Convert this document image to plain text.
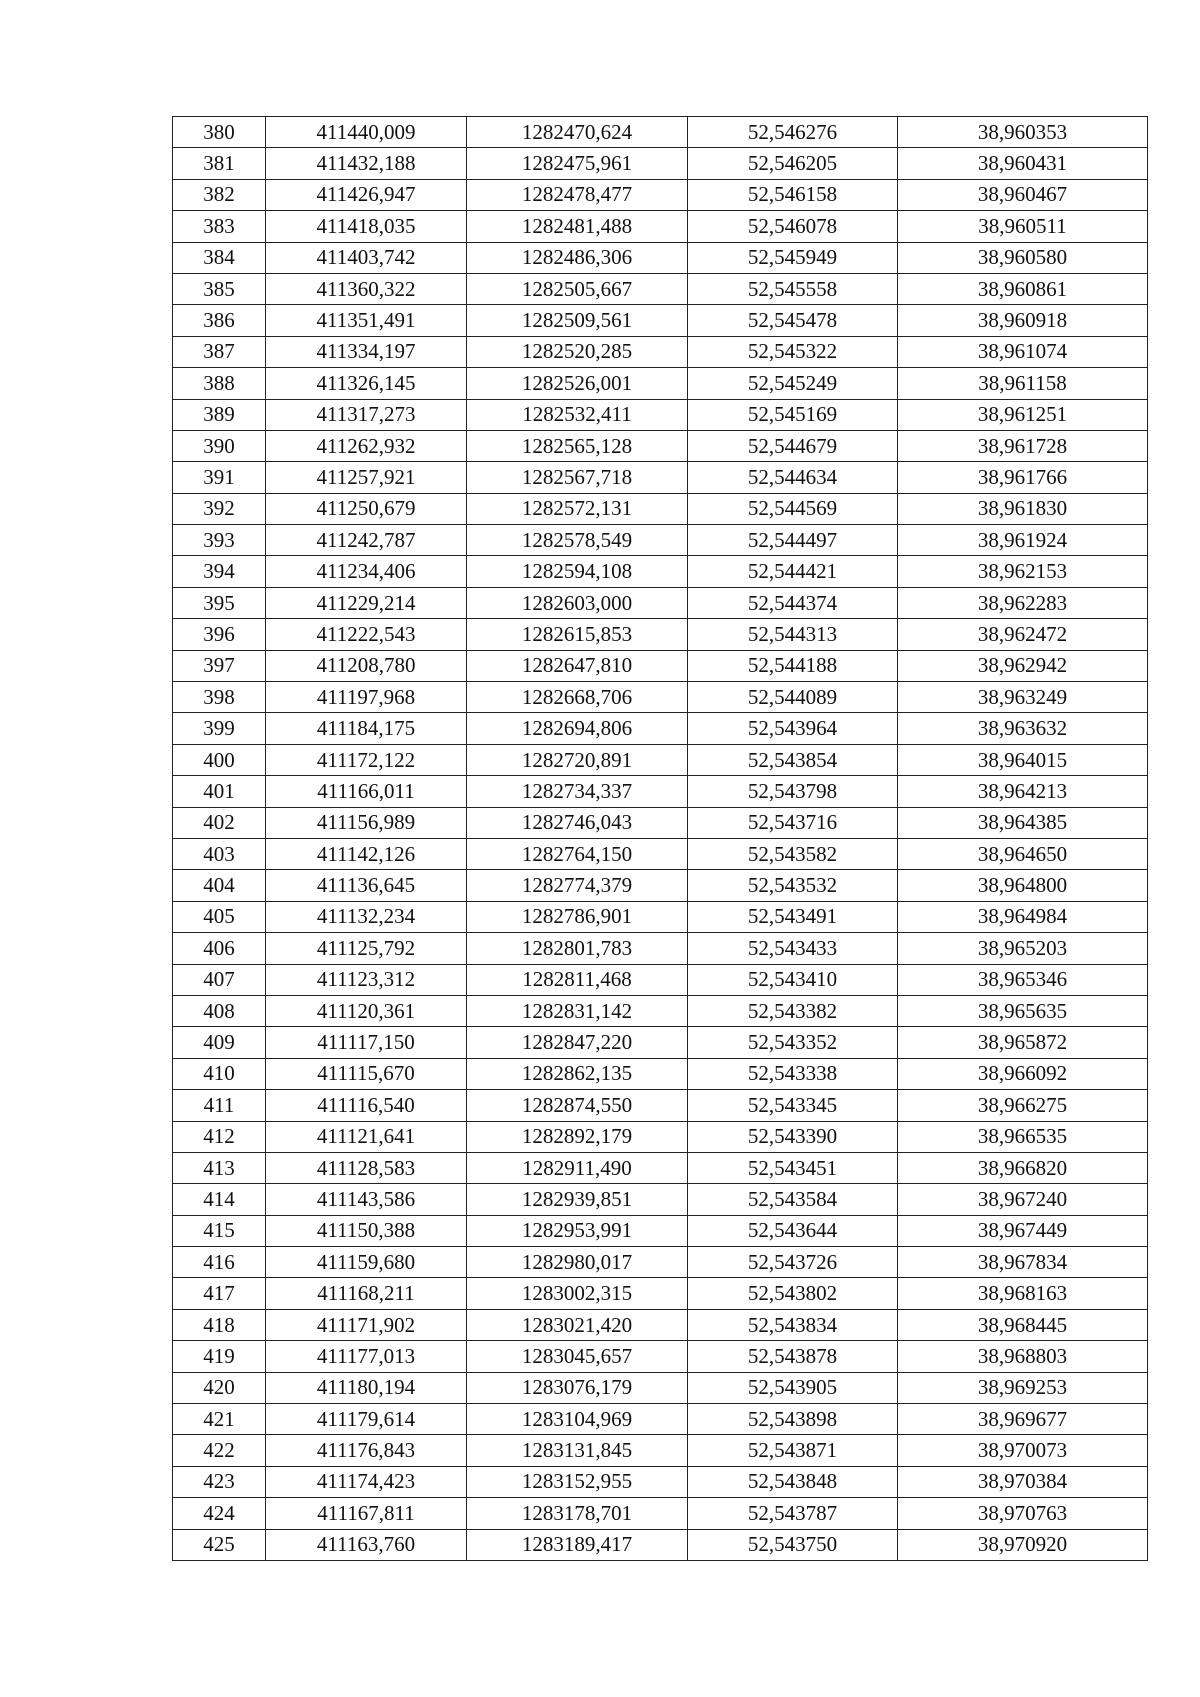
380	411440,009	1282470,624	52,546276	38,960353
381	411432,188	1282475,961	52,546205	38,960431
382	411426,947	1282478,477	52,546158	38,960467
383	411418,035	1282481,488	52,546078	38,960511
384	411403,742	1282486,306	52,545949	38,960580
385	411360,322	1282505,667	52,545558	38,960861
386	411351,491	1282509,561	52,545478	38,960918
387	411334,197	1282520,285	52,545322	38,961074
388	411326,145	1282526,001	52,545249	38,961158
389	411317,273	1282532,411	52,545169	38,961251
390	411262,932	1282565,128	52,544679	38,961728
391	411257,921	1282567,718	52,544634	38,961766
392	411250,679	1282572,131	52,544569	38,961830
393	411242,787	1282578,549	52,544497	38,961924
394	411234,406	1282594,108	52,544421	38,962153
395	411229,214	1282603,000	52,544374	38,962283
396	411222,543	1282615,853	52,544313	38,962472
397	411208,780	1282647,810	52,544188	38,962942
398	411197,968	1282668,706	52,544089	38,963249
399	411184,175	1282694,806	52,543964	38,963632
400	411172,122	1282720,891	52,543854	38,964015
401	411166,011	1282734,337	52,543798	38,964213
402	411156,989	1282746,043	52,543716	38,964385
403	411142,126	1282764,150	52,543582	38,964650
404	411136,645	1282774,379	52,543532	38,964800
405	411132,234	1282786,901	52,543491	38,964984
406	411125,792	1282801,783	52,543433	38,965203
407	411123,312	1282811,468	52,543410	38,965346
408	411120,361	1282831,142	52,543382	38,965635
409	411117,150	1282847,220	52,543352	38,965872
410	411115,670	1282862,135	52,543338	38,966092
411	411116,540	1282874,550	52,543345	38,966275
412	411121,641	1282892,179	52,543390	38,966535
413	411128,583	1282911,490	52,543451	38,966820
414	411143,586	1282939,851	52,543584	38,967240
415	411150,388	1282953,991	52,543644	38,967449
416	411159,680	1282980,017	52,543726	38,967834
417	411168,211	1283002,315	52,543802	38,968163
418	411171,902	1283021,420	52,543834	38,968445
419	411177,013	1283045,657	52,543878	38,968803
420	411180,194	1283076,179	52,543905	38,969253
421	411179,614	1283104,969	52,543898	38,969677
422	411176,843	1283131,845	52,543871	38,970073
423	411174,423	1283152,955	52,543848	38,970384
424	411167,811	1283178,701	52,543787	38,970763
425	411163,760	1283189,417	52,543750	38,970920
